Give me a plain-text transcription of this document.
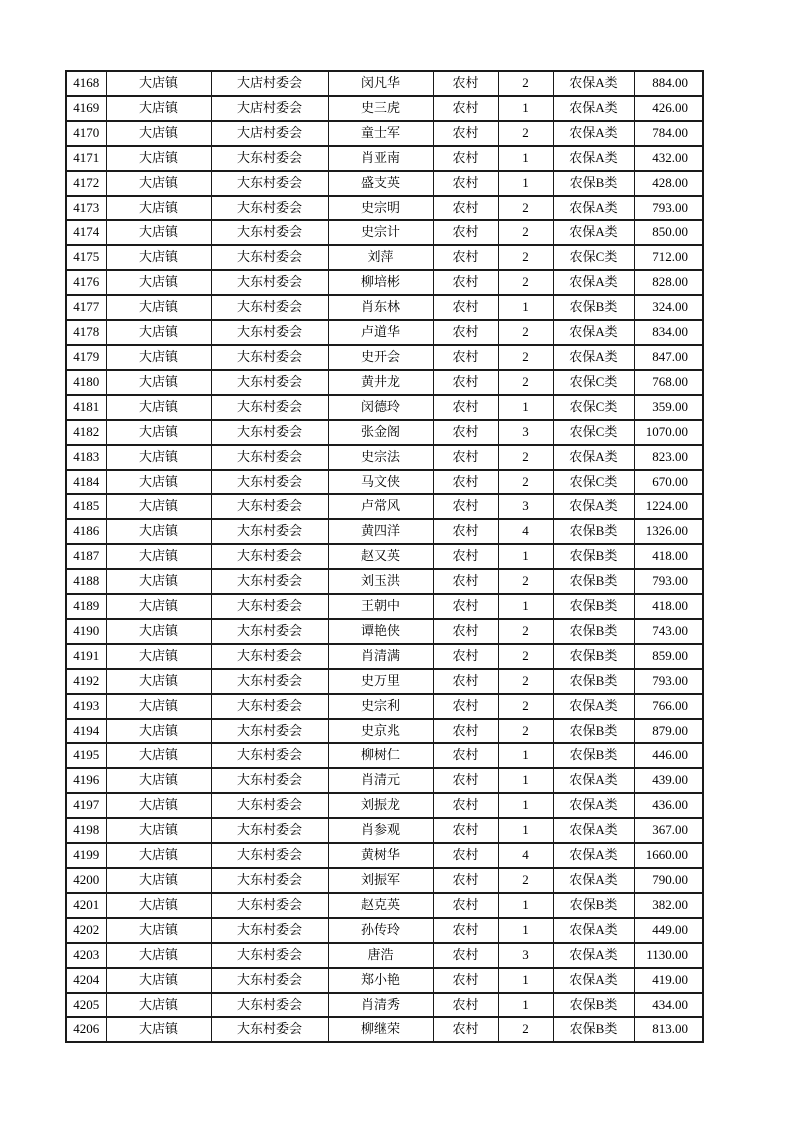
4168	大店镇	大店村委会	闵凡华	农村	2	农保A类	884.00
4169	大店镇	大店村委会	史三虎	农村	1	农保A类	426.00
4170	大店镇	大店村委会	童士军	农村	2	农保A类	784.00
4171	大店镇	大东村委会	肖亚南	农村	1	农保A类	432.00
4172	大店镇	大东村委会	盛支英	农村	1	农保B类	428.00
4173	大店镇	大东村委会	史宗明	农村	2	农保A类	793.00
4174	大店镇	大东村委会	史宗计	农村	2	农保A类	850.00
4175	大店镇	大东村委会	刘萍	农村	2	农保C类	712.00
4176	大店镇	大东村委会	柳培彬	农村	2	农保A类	828.00
4177	大店镇	大东村委会	肖东林	农村	1	农保B类	324.00
4178	大店镇	大东村委会	卢道华	农村	2	农保A类	834.00
4179	大店镇	大东村委会	史开会	农村	2	农保A类	847.00
4180	大店镇	大东村委会	黄井龙	农村	2	农保C类	768.00
4181	大店镇	大东村委会	闵德玲	农村	1	农保C类	359.00
4182	大店镇	大东村委会	张金阁	农村	3	农保C类	1070.00
4183	大店镇	大东村委会	史宗法	农村	2	农保A类	823.00
4184	大店镇	大东村委会	马文侠	农村	2	农保C类	670.00
4185	大店镇	大东村委会	卢常风	农村	3	农保A类	1224.00
4186	大店镇	大东村委会	黄四洋	农村	4	农保B类	1326.00
4187	大店镇	大东村委会	赵又英	农村	1	农保B类	418.00
4188	大店镇	大东村委会	刘玉洪	农村	2	农保B类	793.00
4189	大店镇	大东村委会	王朝中	农村	1	农保B类	418.00
4190	大店镇	大东村委会	谭艳侠	农村	2	农保B类	743.00
4191	大店镇	大东村委会	肖清满	农村	2	农保B类	859.00
4192	大店镇	大东村委会	史万里	农村	2	农保B类	793.00
4193	大店镇	大东村委会	史宗利	农村	2	农保A类	766.00
4194	大店镇	大东村委会	史京兆	农村	2	农保B类	879.00
4195	大店镇	大东村委会	柳树仁	农村	1	农保B类	446.00
4196	大店镇	大东村委会	肖清元	农村	1	农保A类	439.00
4197	大店镇	大东村委会	刘振龙	农村	1	农保A类	436.00
4198	大店镇	大东村委会	肖参观	农村	1	农保A类	367.00
4199	大店镇	大东村委会	黄树华	农村	4	农保A类	1660.00
4200	大店镇	大东村委会	刘振军	农村	2	农保A类	790.00
4201	大店镇	大东村委会	赵克英	农村	1	农保B类	382.00
4202	大店镇	大东村委会	孙传玲	农村	1	农保A类	449.00
4203	大店镇	大东村委会	唐浩	农村	3	农保A类	1130.00
4204	大店镇	大东村委会	郑小艳	农村	1	农保A类	419.00
4205	大店镇	大东村委会	肖清秀	农村	1	农保B类	434.00
4206	大店镇	大东村委会	柳继荣	农村	2	农保B类	813.00
